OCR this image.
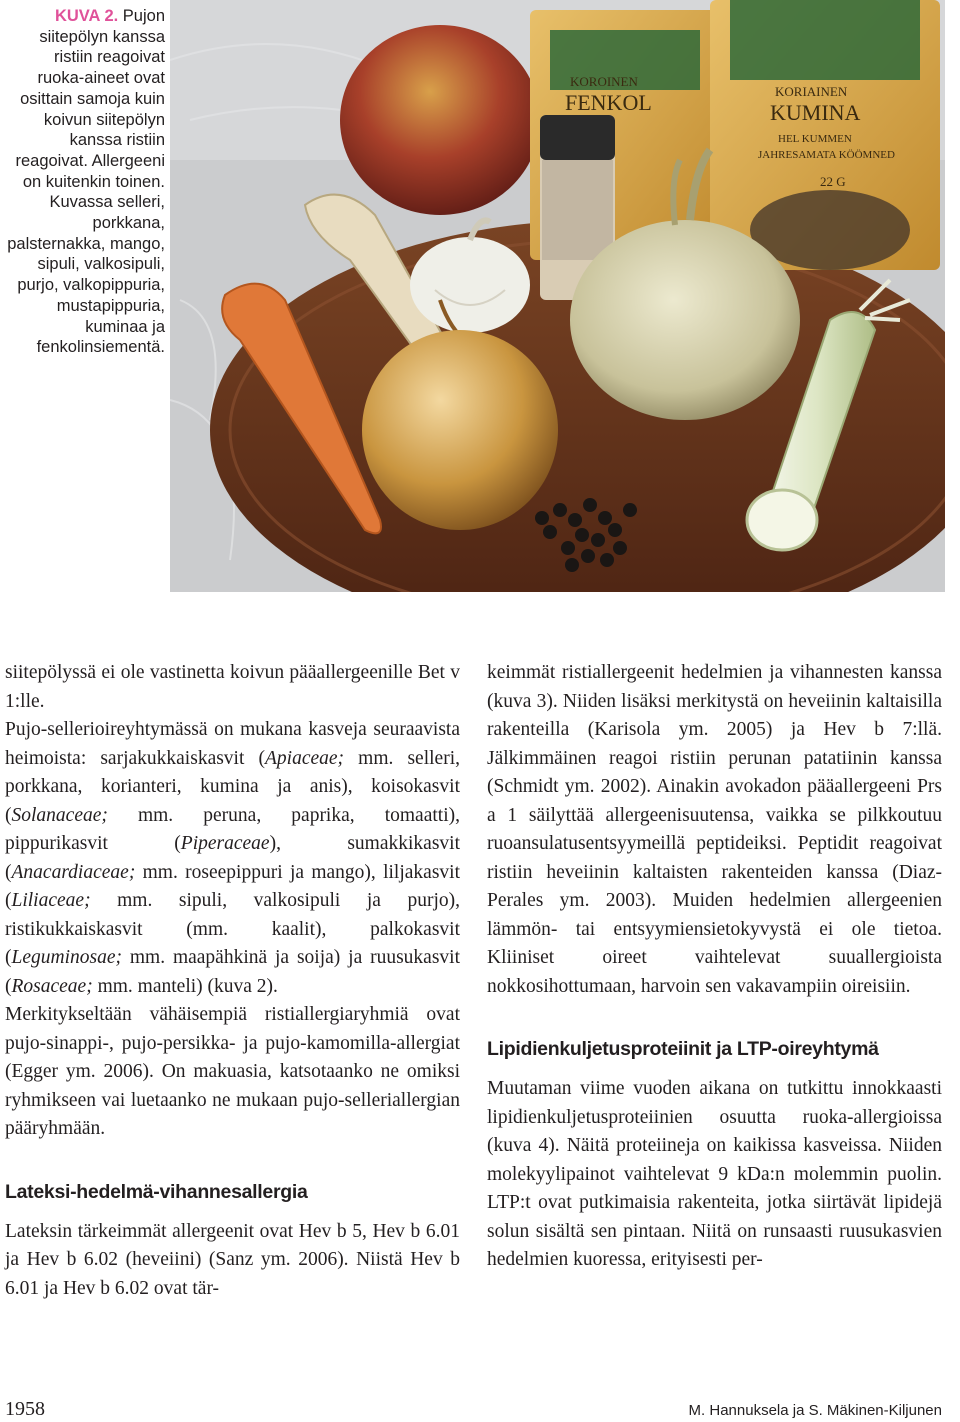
KUVA 2. Pujon siitepölyn kanssa ristiin reagoivat ruoka-aineet ovat osittain samoja kuin koivun siitepölyn kanssa ristiin reagoivat. Allergeeni on kuitenkin toinen. Kuvassa selleri, porkkana, palsternakka, mango, sipuli, valkosipuli, purjo, valkopippuria, mustapippuria, kuminaa ja fenkolinsiementä.
KOROINEN
FENKOL	KORIAINEN
KUMINA
HEL KUMMEN
JAHRESAMATA KÖÖMNED
22 G

siitepölyssä ei ole vastinetta koivun pääallergeenille Bet v 1:lle.

Pujo-sellerioireyhtymässä on mukana kasveja seuraavista heimoista: sarjakukkaiskasvit (Apiaceae; mm. selleri, porkkana, korianteri, kumina ja anis), koisokasvit (Solanaceae; mm. peruna, paprika, tomaatti), pippurikasvit (Piperaceae), sumakkikasvit (Anacardiaceae; mm. roseepippuri ja mango), liljakasvit (Liliaceae; mm. sipuli, valkosipuli ja purjo), ristikukkaiskasvit (mm. kaalit), palkokasvit (Leguminosae; mm. maapähkinä ja soija) ja ruusukasvit (Rosaceae; mm. manteli) (kuva 2).

Merkitykseltään vähäisempiä ristiallergiaryhmiä ovat pujo-sinappi-, pujo-persikka- ja pujo-kamomilla-allergiat (Egger ym. 2006). On makuasia, katsotaanko ne omiksi ryhmikseen vai luetaanko ne mukaan pujo-selleriallergian pääryhmään.

Lateksi-hedelmä-vihannesallergia

Lateksin tärkeimmät allergeenit ovat Hev b 5, Hev b 6.01 ja Hev b 6.02 (heveiini) (Sanz ym. 2006). Niistä Hev b 6.01 ja Hev b 6.02 ovat tär-

keimmät ristiallergeenit hedelmien ja vihannesten kanssa (kuva 3). Niiden lisäksi merkitystä on heveiinin kaltaisilla rakenteilla (Karisola ym. 2005) ja Hev b 7:llä. Jälkimmäinen reagoi ristiin perunan patatiinin kanssa (Schmidt ym. 2002). Ainakin avokadon pääallergeeni Prs a 1 säilyttää allergeenisuutensa, vaikka se pilkkoutuu ruoansulatusentsyymeillä peptideiksi. Peptidit reagoivat ristiin heveiinin kaltaisten rakenteiden kanssa (Diaz-Perales ym. 2003). Muiden hedelmien allergeenien lämmön- tai entsyymiensietokyvystä ei ole tietoa. Kliiniset oireet vaihtelevat suuallergioista nokkosihottumaan, harvoin sen vakavampiin oireisiin.

Lipidienkuljetusproteiinit ja LTP-oireyhtymä

Muutaman viime vuoden aikana on tutkittu innokkaasti lipidienkuljetusproteiinien osuutta ruoka-allergioissa (kuva 4). Näitä proteiineja on kaikissa kasveissa. Niiden molekyylipainot vaihtelevat 9 kDa:n molemmin puolin. LTP:t ovat putkimaisia rakenteita, jotka siirtävät lipidejä solun sisältä sen pintaan. Niitä on runsaasti ruusukasvien hedelmien kuoressa, erityisesti per-

1958	M. Hannuksela ja S. Mäkinen-Kiljunen
